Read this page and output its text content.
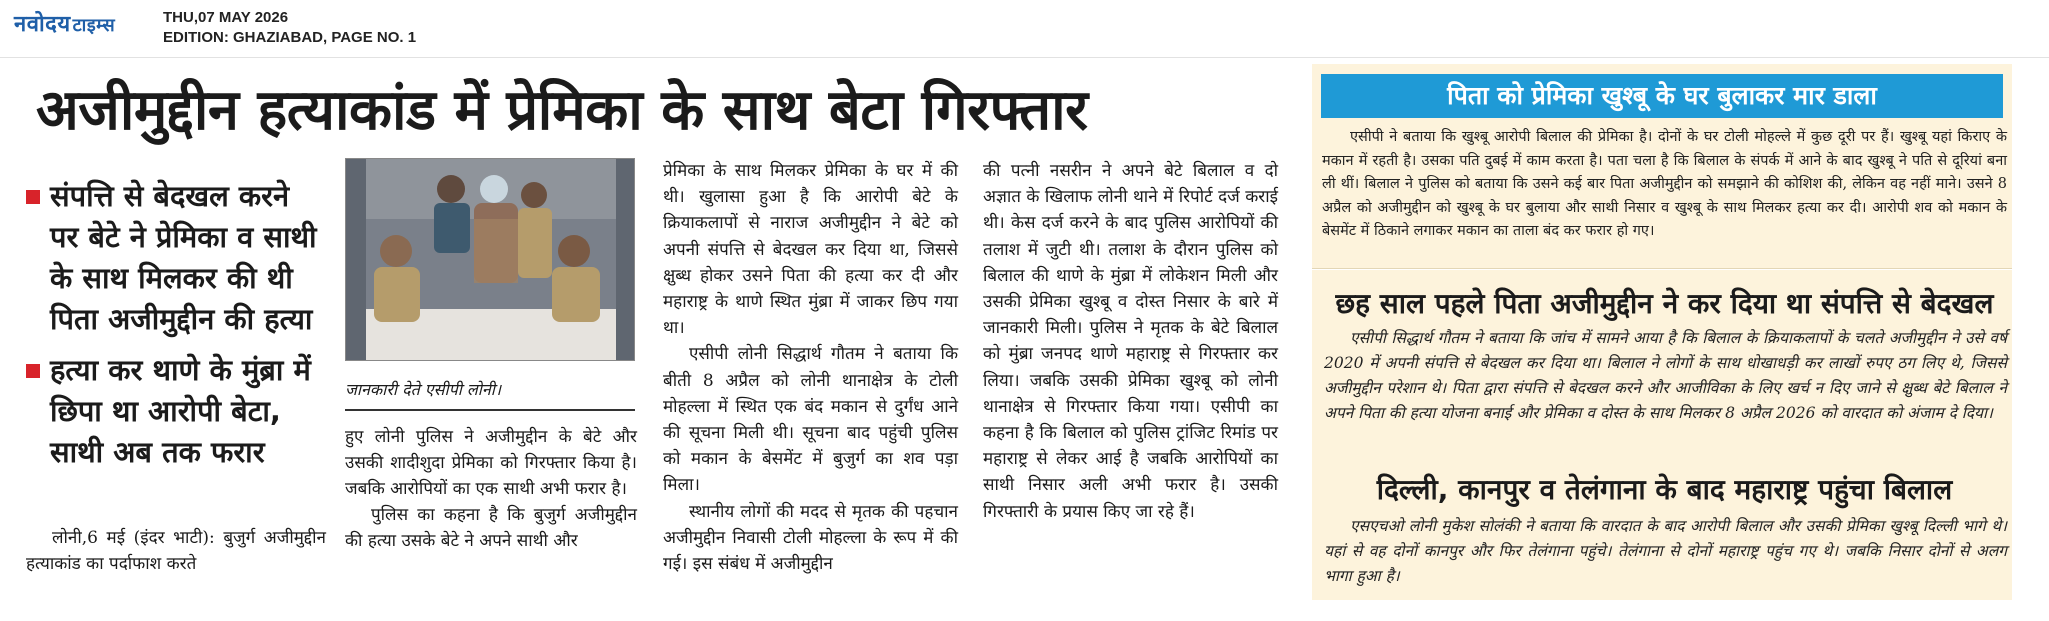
नवोदय टाइम्स	THU,07 MAY 2026
EDITION: GHAZIABAD, PAGE NO. 1
अजीमुद्दीन हत्याकांड में प्रेमिका के साथ बेटा गिरफ्तार
संपत्ति से बेदखल करने पर बेटे ने प्रेमिका व साथी के साथ मिलकर की थी पिता अजीमुद्दीन की हत्या
हत्या कर थाणे के मुंब्रा में छिपा था आरोपी बेटा, साथी अब तक फरार
लोनी,6 मई (इंदर भाटी): बुजुर्ग अजीमुद्दीन हत्याकांड का पर्दाफाश करते
जानकारी देते एसीपी लोनी।

हुए लोनी पुलिस ने अजीमुद्दीन के बेटे और उसकी शादीशुदा प्रेमिका को गिरफ्तार किया है। जबकि आरोपियों का एक साथी अभी फरार है।

पुलिस का कहना है कि बुजुर्ग अजीमुद्दीन की हत्या उसके बेटे ने अपने साथी और

प्रेमिका के साथ मिलकर प्रेमिका के घर में की थी। खुलासा हुआ है कि आरोपी बेटे के क्रियाकलापों से नाराज अजीमुद्दीन ने बेटे को अपनी संपत्ति से बेदखल कर दिया था, जिससे क्षुब्ध होकर उसने पिता की हत्या कर दी और महाराष्ट्र के थाणे स्थित मुंब्रा में जाकर छिप गया था।

एसीपी लोनी सिद्धार्थ गौतम ने बताया कि बीती 8 अप्रैल को लोनी थानाक्षेत्र के टोली मोहल्ला में स्थित एक बंद मकान से दुर्गंध आने की सूचना मिली थी। सूचना बाद पहुंची पुलिस को मकान के बेसमेंट में बुजुर्ग का शव पड़ा मिला।

स्थानीय लोगों की मदद से मृतक की पहचान अजीमुद्दीन निवासी टोली मोहल्ला के रूप में की गई। इस संबंध में अजीमुद्दीन

की पत्नी नसरीन ने अपने बेटे बिलाल व दो अज्ञात के खिलाफ लोनी थाने में रिपोर्ट दर्ज कराई थी। केस दर्ज करने के बाद पुलिस आरोपियों की तलाश में जुटी थी। तलाश के दौरान पुलिस को बिलाल की थाणे के मुंब्रा में लोकेशन मिली और उसकी प्रेमिका खुश्बू व दोस्त निसार के बारे में जानकारी मिली। पुलिस ने मृतक के बेटे बिलाल को मुंब्रा जनपद थाणे महाराष्ट्र से गिरफ्तार कर लिया। जबकि उसकी प्रेमिका खुश्बू को लोनी थानाक्षेत्र से गिरफ्तार किया गया। एसीपी का कहना है कि बिलाल को पुलिस ट्रांजिट रिमांड पर महाराष्ट्र से लेकर आई है जबकि आरोपियों का साथी निसार अली अभी फरार है। उसकी गिरफ्तारी के प्रयास किए जा रहे हैं।

पिता को प्रेमिका खुश्बू के घर बुलाकर मार डाला
एसीपी ने बताया कि खुश्बू आरोपी बिलाल की प्रेमिका है। दोनों के घर टोली मोहल्ले में कुछ दूरी पर हैं। खुश्बू यहां किराए के मकान में रहती है। उसका पति दुबई में काम करता है। पता चला है कि बिलाल के संपर्क में आने के बाद खुश्बू ने पति से दूरियां बना ली थीं। बिलाल ने पुलिस को बताया कि उसने कई बार पिता अजीमुद्दीन को समझाने की कोशिश की, लेकिन वह नहीं माने। उसने 8 अप्रैल को अजीमुद्दीन को खुश्बू के घर बुलाया और साथी निसार व खुश्बू के साथ मिलकर हत्या कर दी। आरोपी शव को मकान के बेसमेंट में ठिकाने लगाकर मकान का ताला बंद कर फरार हो गए।
छह साल पहले पिता अजीमुद्दीन ने कर दिया था संपत्ति से बेदखल
एसीपी सिद्धार्थ गौतम ने बताया कि जांच में सामने आया है कि बिलाल के क्रियाकलापों के चलते अजीमुद्दीन ने उसे वर्ष 2020 में अपनी संपत्ति से बेदखल कर दिया था। बिलाल ने लोगों के साथ धोखाधड़ी कर लाखों रुपए ठग लिए थे, जिससे अजीमुद्दीन परेशान थे। पिता द्वारा संपत्ति से बेदखल करने और आजीविका के लिए खर्च न दिए जाने से क्षुब्ध बेटे बिलाल ने अपने पिता की हत्या योजना बनाई और प्रेमिका व दोस्त के साथ मिलकर 8 अप्रैल 2026 को वारदात को अंजाम दे दिया।
दिल्ली, कानपुर व तेलंगाना के बाद महाराष्ट्र पहुंचा बिलाल
एसएचओ लोनी मुकेश सोलंकी ने बताया कि वारदात के बाद आरोपी बिलाल और उसकी प्रेमिका खुश्बू दिल्ली भागे थे। यहां से वह दोनों कानपुर और फिर तेलंगाना पहुंचे। तेलंगाना से दोनों महाराष्ट्र पहुंच गए थे। जबकि निसार दोनों से अलग भागा हुआ है।
